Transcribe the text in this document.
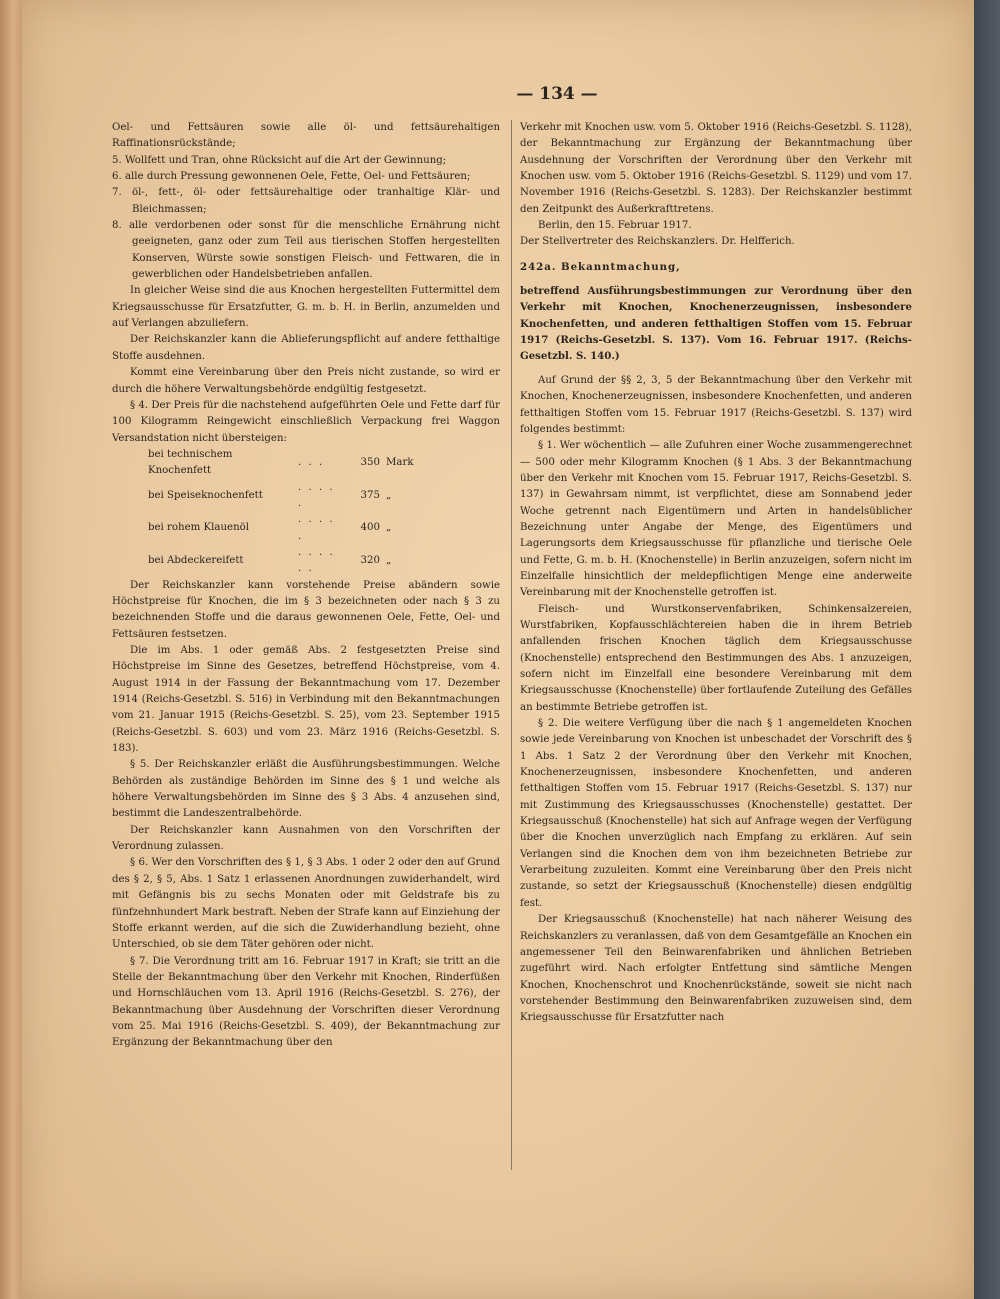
— 134 —

Oel- und Fettsäuren sowie alle öl- und fettsäurehaltigen Raffinationsrückstände;

5. Wollfett und Tran, ohne Rücksicht auf die Art der Gewinnung;

6. alle durch Pressung gewonnenen Oele, Fette, Oel- und Fettsäuren;

7. öl-, fett-, öl- oder fettsäurehaltige oder tranhaltige Klär- und Bleichmassen;

8. alle verdorbenen oder sonst für die menschliche Ernährung nicht geeigneten, ganz oder zum Teil aus tierischen Stoffen hergestellten Konserven, Würste sowie sonstigen Fleisch- und Fettwaren, die in gewerblichen oder Handelsbetrieben anfallen.

In gleicher Weise sind die aus Knochen hergestellten Futtermittel dem Kriegsausschusse für Ersatzfutter, G. m. b. H. in Berlin, anzumelden und auf Verlangen abzuliefern.

Der Reichskanzler kann die Ablieferungspflicht auf andere fetthaltige Stoffe ausdehnen.

Kommt eine Vereinbarung über den Preis nicht zustande, so wird er durch die höhere Verwaltungsbehörde endgültig festgesetzt.

§ 4. Der Preis für die nachstehend aufgeführten Oele und Fette darf für 100 Kilogramm Reingewicht einschließlich Verpackung frei Waggon Versandstation nicht übersteigen:

bei technischem Knochenfett	. . .	350	Mark
bei Speiseknochenfett	. . . . .	375	„
bei rohem Klauenöl	. . . . .	400	„
bei Abdeckereifett	. . . . . .	320	„

Der Reichskanzler kann vorstehende Preise abändern sowie Höchstpreise für Knochen, die im § 3 bezeichneten oder nach § 3 zu bezeichnenden Stoffe und die daraus gewonnenen Oele, Fette, Oel- und Fettsäuren festsetzen.

Die im Abs. 1 oder gemäß Abs. 2 festgesetzten Preise sind Höchstpreise im Sinne des Gesetzes, betreffend Höchstpreise, vom 4. August 1914 in der Fassung der Bekanntmachung vom 17. Dezember 1914 (Reichs-Gesetzbl. S. 516) in Verbindung mit den Bekanntmachungen vom 21. Januar 1915 (Reichs-Gesetzbl. S. 25), vom 23. September 1915 (Reichs-Gesetzbl. S. 603) und vom 23. März 1916 (Reichs-Gesetzbl. S. 183).

§ 5. Der Reichskanzler erläßt die Ausführungsbestimmungen. Welche Behörden als zuständige Behörden im Sinne des § 1 und welche als höhere Verwaltungsbehörden im Sinne des § 3 Abs. 4 anzusehen sind, bestimmt die Landeszentralbehörde.

Der Reichskanzler kann Ausnahmen von den Vorschriften der Verordnung zulassen.

§ 6. Wer den Vorschriften des § 1, § 3 Abs. 1 oder 2 oder den auf Grund des § 2, § 5, Abs. 1 Satz 1 erlassenen Anordnungen zuwiderhandelt, wird mit Gefängnis bis zu sechs Monaten oder mit Geldstrafe bis zu fünfzehnhundert Mark bestraft. Neben der Strafe kann auf Einziehung der Stoffe erkannt werden, auf die sich die Zuwiderhandlung bezieht, ohne Unterschied, ob sie dem Täter gehören oder nicht.

§ 7. Die Verordnung tritt am 16. Februar 1917 in Kraft; sie tritt an die Stelle der Bekanntmachung über den Verkehr mit Knochen, Rinderfüßen und Hornschläuchen vom 13. April 1916 (Reichs-Gesetzbl. S. 276), der Bekanntmachung über Ausdehnung der Vorschriften dieser Verordnung vom 25. Mai 1916 (Reichs-Gesetzbl. S. 409), der Bekanntmachung zur Ergänzung der Bekanntmachung über den

Verkehr mit Knochen usw. vom 5. Oktober 1916 (Reichs-Gesetzbl. S. 1128), der Bekanntmachung zur Ergänzung der Bekanntmachung über Ausdehnung der Vorschriften der Verordnung über den Verkehr mit Knochen usw. vom 5. Oktober 1916 (Reichs-Gesetzbl. S. 1129) und vom 17. November 1916 (Reichs-Gesetzbl. S. 1283). Der Reichskanzler bestimmt den Zeitpunkt des Außerkrafttretens.

Berlin, den 15. Februar 1917.

Der Stellvertreter des Reichskanzlers. Dr. Helfferich.

242a. Bekanntmachung,

betreffend Ausführungsbestimmungen zur Verordnung über den Verkehr mit Knochen, Knochenerzeugnissen, insbesondere Knochenfetten, und anderen fetthaltigen Stoffen vom 15. Februar 1917 (Reichs-Gesetzbl. S. 137). Vom 16. Februar 1917. (Reichs-Gesetzbl. S. 140.)

Auf Grund der §§ 2, 3, 5 der Bekanntmachung über den Verkehr mit Knochen, Knochenerzeugnissen, insbesondere Knochenfetten, und anderen fetthaltigen Stoffen vom 15. Februar 1917 (Reichs-Gesetzbl. S. 137) wird folgendes bestimmt:

§ 1. Wer wöchentlich — alle Zufuhren einer Woche zusammengerechnet — 500 oder mehr Kilogramm Knochen (§ 1 Abs. 3 der Bekanntmachung über den Verkehr mit Knochen vom 15. Februar 1917, Reichs-Gesetzbl. S. 137) in Gewahrsam nimmt, ist verpflichtet, diese am Sonnabend jeder Woche getrennt nach Eigentümern und Arten in handelsüblicher Bezeichnung unter Angabe der Menge, des Eigentümers und Lagerungsorts dem Kriegsausschusse für pflanzliche und tierische Oele und Fette, G. m. b. H. (Knochenstelle) in Berlin anzuzeigen, sofern nicht im Einzelfalle hinsichtlich der meldepflichtigen Menge eine anderweite Vereinbarung mit der Knochenstelle getroffen ist.

Fleisch- und Wurstkonservenfabriken, Schinkensalzereien, Wurstfabriken, Kopfausschlächtereien haben die in ihrem Betrieb anfallenden frischen Knochen täglich dem Kriegsausschusse (Knochenstelle) entsprechend den Bestimmungen des Abs. 1 anzuzeigen, sofern nicht im Einzelfall eine besondere Vereinbarung mit dem Kriegsausschusse (Knochenstelle) über fortlaufende Zuteilung des Gefälles an bestimmte Betriebe getroffen ist.

§ 2. Die weitere Verfügung über die nach § 1 angemeldeten Knochen sowie jede Vereinbarung von Knochen ist unbeschadet der Vorschrift des § 1 Abs. 1 Satz 2 der Verordnung über den Verkehr mit Knochen, Knochenerzeugnissen, insbesondere Knochenfetten, und anderen fetthaltigen Stoffen vom 15. Februar 1917 (Reichs-Gesetzbl. S. 137) nur mit Zustimmung des Kriegsausschusses (Knochenstelle) gestattet. Der Kriegsausschuß (Knochenstelle) hat sich auf Anfrage wegen der Verfügung über die Knochen unverzüglich nach Empfang zu erklären. Auf sein Verlangen sind die Knochen dem von ihm bezeichneten Betriebe zur Verarbeitung zuzuleiten. Kommt eine Vereinbarung über den Preis nicht zustande, so setzt der Kriegsausschuß (Knochenstelle) diesen endgültig fest.

Der Kriegsausschuß (Knochenstelle) hat nach näherer Weisung des Reichskanzlers zu veranlassen, daß von dem Gesamtgefälle an Knochen ein angemessener Teil den Beinwarenfabriken und ähnlichen Betrieben zugeführt wird. Nach erfolgter Entfettung sind sämtliche Mengen Knochen, Knochenschrot und Knochenrückstände, soweit sie nicht nach vorstehender Bestimmung den Beinwarenfabriken zuzuweisen sind, dem Kriegsausschusse für Ersatzfutter nach
